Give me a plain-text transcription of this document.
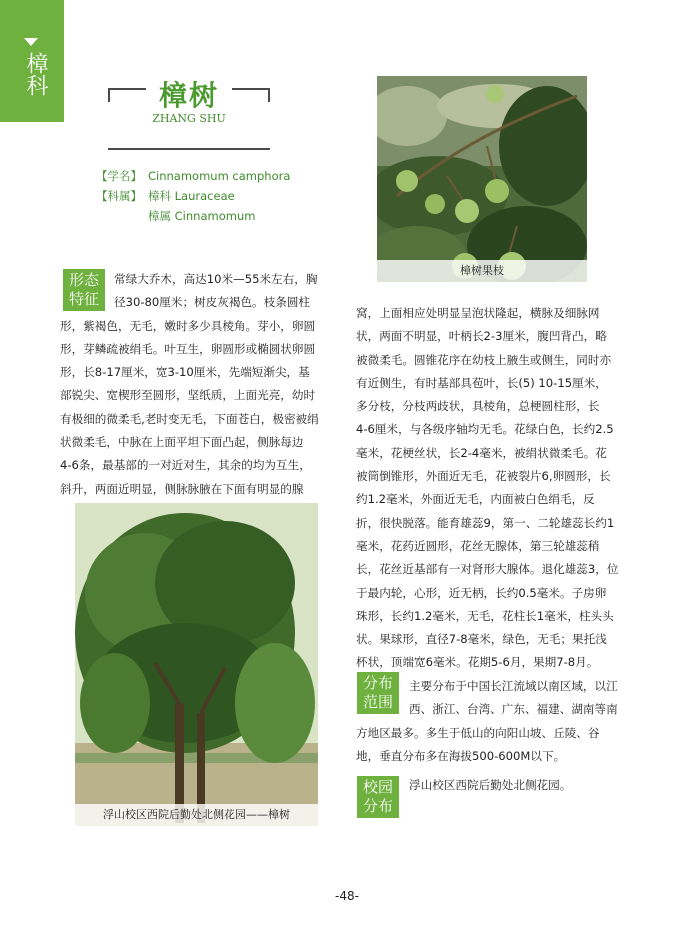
樟科	樟树
ZHANG SHU
【学名】 Cinnamomum camphora
【科属】 樟科 Lauraceae
樟属 Cinnamomum
樟树果枝
形态
特征
常绿大乔木，高达10米—55米左右，胸
径30-80厘米；树皮灰褐色。枝条圆柱
形，紫褐色，无毛，嫩时多少具棱角。芽小，卵圆
形，芽鳞疏被绢毛。叶互生，卵圆形或椭圆状卵圆
形，长8-17厘米，宽3-10厘米，先端短渐尖，基
部锐尖、宽楔形至圆形，坚纸质，上面光亮，幼时
有极细的微柔毛,老时变无毛，下面苍白，极密被绢
状微柔毛，中脉在上面平坦下面凸起，侧脉每边
4-6条，最基部的一对近对生，其余的均为互生，
斜升，两面近明显，侧脉脉腋在下面有明显的腺
浮山校区西院后勤处北侧花园——樟树
窝，上面相应处明显呈泡状隆起，横脉及细脉网
状，两面不明显，叶柄长2-3厘米，腹凹背凸，略
被微柔毛。圆锥花序在幼枝上腋生或侧生，同时亦
有近侧生，有时基部具苞叶，长(5) 10-15厘米，
多分枝，分枝两歧状，具棱角，总梗圆柱形，长
4-6厘米，与各级序轴均无毛。花绿白色，长约2.5
毫米，花梗丝状，长2-4毫米，被绢状微柔毛。花
被筒倒锥形，外面近无毛，花被裂片6,卵圆形，长
约1.2毫米，外面近无毛，内面被白色绢毛，反
折，很快脱落。能育雄蕊9，第一、二轮雄蕊长约1
毫米，花药近圆形，花丝无腺体，第三轮雄蕊稍
长，花丝近基部有一对肾形大腺体。退化雄蕊3，位
于最内轮，心形，近无柄，长约0.5毫米。子房卵
珠形，长约1.2毫米，无毛，花柱长1毫米，柱头头
状。果球形，直径7-8毫米，绿色，无毛；果托浅
杯状，顶端宽6毫米。花期5-6月，果期7-8月。
分布
范围
主要分布于中国长江流域以南区域，以江
西、浙江、台湾、广东、福建、湖南等南
方地区最多。多生于低山的向阳山坡、丘陵、谷
地，垂直分布多在海拔500-600M以下。
校园
分布
浮山校区西院后勤处北侧花园。
-48-
